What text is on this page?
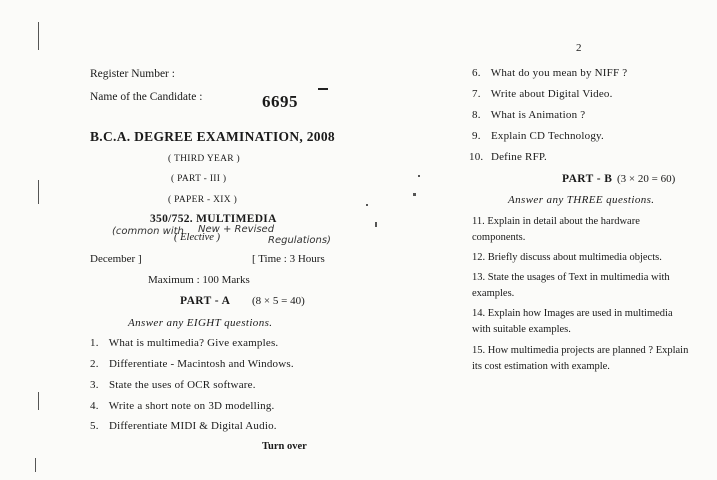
Register Number :
Name of the Candidate :	6695
B.C.A. DEGREE EXAMINATION, 2008
( THIRD YEAR )
( PART - III )
( PAPER - XIX )
350/752. MULTIMEDIA
(common with New + Revised
( Elective )	Regulations)
December ]	[ Time : 3 Hours
Maximum : 100 Marks
PART - A (8 × 5 = 40)
Answer any EIGHT questions.
1. What is multimedia? Give examples.
2. Differentiate - Macintosh and Windows.
3. State the uses of OCR software.
4. Write a short note on 3D modelling.
5. Differentiate MIDI & Digital Audio.
Turn over
2
6. What do you mean by NIFF ?
7. Write about Digital Video.
8. What is Animation ?
9. Explain CD Technology.
10. Define RFP.
PART - B (3 × 20 = 60)
Answer any THREE questions.
11. Explain in detail about the hardware components.
12. Briefly discuss about multimedia objects.
13. State the usages of Text in multimedia with examples.
14. Explain how Images are used in multimedia with suitable examples.
15. How multimedia projects are planned ? Explain its cost estimation with example.
